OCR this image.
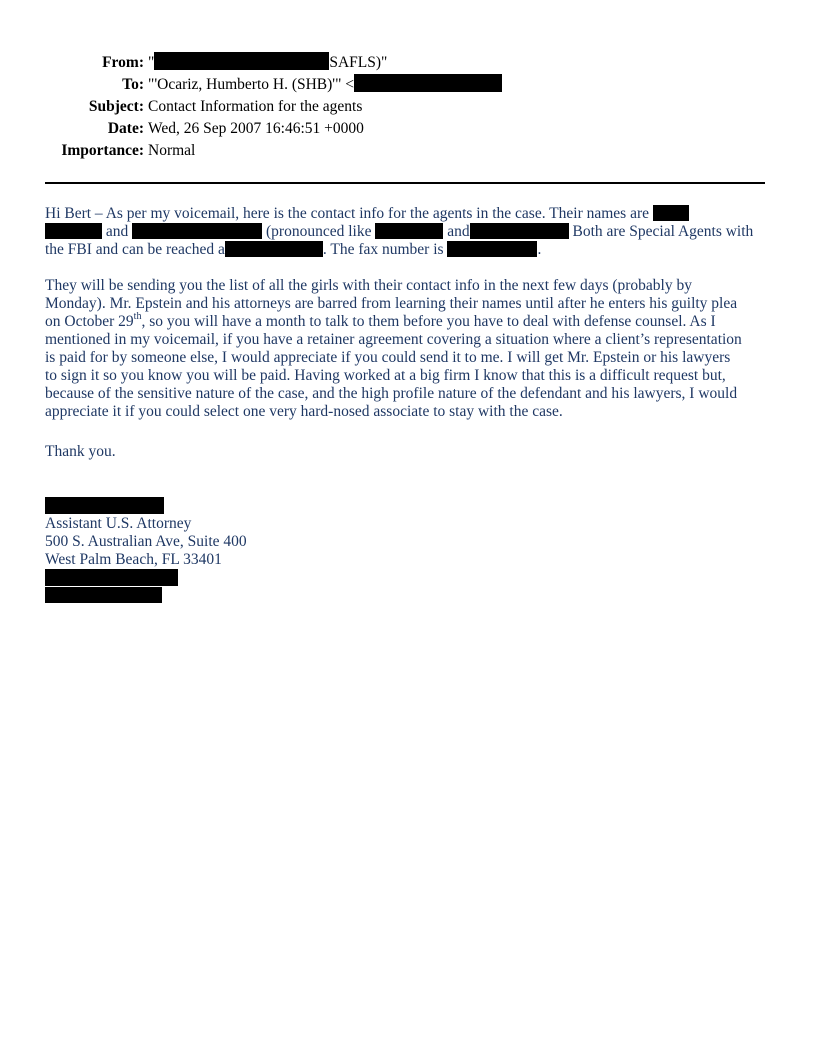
From: "	SAFLS)"
To: "'Ocariz, Humberto H. (SHB)'" <
Subject: Contact Information for the agents
Date: Wed, 26 Sep 2007 16:46:51 +0000
Importance: Normal
Hi Bert – As per my voicemail, here is the contact info for the agents in the case. Their names are
and	(pronounced like	and	Both are Special Agents with
the FBI and can be reached a	. The fax number is	.
They will be sending you the list of all the girls with their contact info in the next few days (probably by
Monday). Mr. Epstein and his attorneys are barred from learning their names until after he enters his guilty plea
on October 29th, so you will have a month to talk to them before you have to deal with defense counsel. As I
mentioned in my voicemail, if you have a retainer agreement covering a situation where a client’s representation
is paid for by someone else, I would appreciate if you could send it to me. I will get Mr. Epstein or his lawyers
to sign it so you know you will be paid. Having worked at a big firm I know that this is a difficult request but,
because of the sensitive nature of the case, and the high profile nature of the defendant and his lawyers, I would
appreciate it if you could select one very hard-nosed associate to stay with the case.
Thank you.
Assistant U.S. Attorney
500 S. Australian Ave, Suite 400
West Palm Beach, FL 33401
